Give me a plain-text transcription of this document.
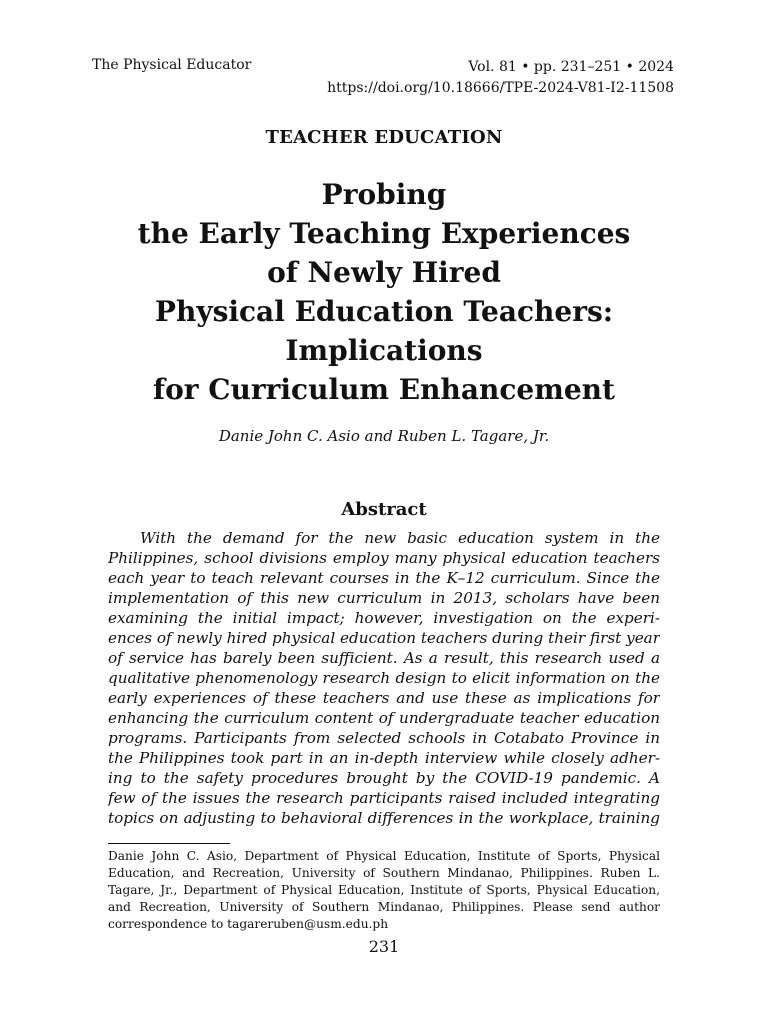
The Physical Educator	Vol. 81 • pp. 231–251 • 2024
https://doi.org/10.18666/TPE-2024-V81-I2-11508
TEACHER EDUCATION
Probing
the Early Teaching Experiences
of Newly Hired
Physical Education Teachers:
Implications
for Curriculum Enhancement
Danie John C. Asio and Ruben L. Tagare, Jr.
Abstract
With the demand for the new basic education system in the
Philippines, school divisions employ many physical education teachers
each year to teach relevant courses in the K–12 curriculum. Since the
implementation of this new curriculum in 2013, scholars have been
examining the initial impact; however, investigation on the experi-
ences of newly hired physical education teachers during their first year
of service has barely been sufficient. As a result, this research used a
qualitative phenomenology research design to elicit information on the
early experiences of these teachers and use these as implications for
enhancing the curriculum content of undergraduate teacher education
programs. Participants from selected schools in Cotabato Province in
the Philippines took part in an in-depth interview while closely adher-
ing to the safety procedures brought by the COVID-19 pandemic. A
few of the issues the research participants raised included integrating
topics on adjusting to behavioral differences in the workplace, training
Danie John C. Asio, Department of Physical Education, Institute of Sports, Physical
Education, and Recreation, University of Southern Mindanao, Philippines. Ruben L.
Tagare, Jr., Department of Physical Education, Institute of Sports, Physical Education,
and Recreation, University of Southern Mindanao, Philippines. Please send author
correspondence to tagareruben@usm.edu.ph
231
